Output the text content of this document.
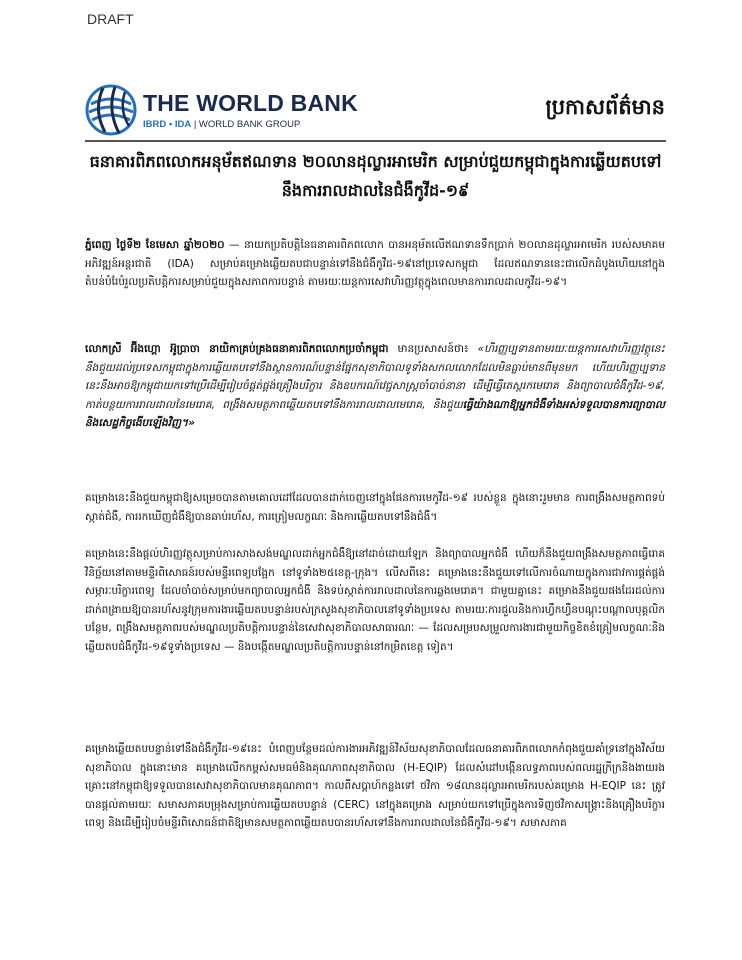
DRAFT
THE WORLD BANK
IBRD • IDA | WORLD BANK GROUP
ប្រកាសព័ត៌មាន
ធនាគារពិភពលោកអនុម័តឥណទាន ២០លានដុល្លារអាមេរិក សម្រាប់ជួយកម្ពុជាក្នុងការឆ្លើយតបទៅនឹងការរាលដាលនៃជំងឺកូវីដ-១៩

ភ្នំពេញ ថ្ងៃទី២ ខែមេសា ឆ្នាំ២០២០ — នាយកប្រតិបត្តិនៃធនាគារពិភពលោក បានអនុម័តលើឥណទានទឹកប្រាក់ ២០លានដុល្លារអាមេរិក របស់សមាគមអភិវឌ្ឍន៍អន្តរជាតិ (IDA) សម្រាប់គម្រោងឆ្លើយតបជាបន្ទាន់ទៅនឹងជំងឺកូវីដ-១៩នៅប្រទេសកម្ពុជា ដែលឥណទាននេះជាលើកដំបូងហើយនៅក្នុងតំបន់បំរែបំរួលប្រតិបត្តិការសម្រាប់ជួយក្នុងសភាពការបន្ទាន់ តាមរយៈយន្តការសេវាហិរញ្ញវត្ថុក្នុងពេលមានការរាលដាលកូវីដ-១៩។

លោកស្រី អ៊ីងហ្គោ អ៊ូប្រាចា នាយិកាគ្រប់គ្រងធនាគារពិភពលោកប្រចាំកម្ពុជា មានប្រសាសន៍ថា៖ «ហិរញ្ញប្បទានតាមរយៈយន្តការសេវាហិរញ្ញវត្ថុនេះ នឹងជួយដល់ប្រទេសកម្ពុជាក្នុងការឆ្លើយតបទៅនឹងស្ថានការណ៍បន្ទាន់ផ្នែកសុខាភិបាលទូទាំងសកលលោកដែលមិនធ្លាប់មានពីមុនមក ហើយហិរញ្ញប្បទាននេះនឹងអាចឱ្យកម្ពុជាយកទៅប្រើដើម្បីរៀបចំផ្គត់ផ្គង់គ្រឿងបរិក្ខារ និងឧបករណ៍វេជ្ជសាស្ត្រចាំបាច់នានា ដើម្បីធ្វើតេស្តរកមេរោគ និងព្យាបាលជំងឺកូវីដ-១៩, កាត់បន្ថយការរាលដាលនៃមេរោគ, ពង្រឹងសមត្ថភាពឆ្លើយតបទៅនឹងការរាលដាលមេរោគ, និងជួយធ្វើយ៉ាងណាឱ្យអ្នកជំងឺទាំងអស់ទទួលបានការព្យាបាល និងសេដ្ឋកិច្ចងើបឡើងវិញ។»

គម្រោងនេះនឹងជួយកម្ពុជាឱ្យសម្រេចបានតាមគោលដៅដែលបានដាក់ចេញនៅក្នុងផែនការមេកូវីដ-១៩ របស់ខ្លួន ក្នុងនោះរួមមាន ការពង្រឹងសមត្ថភាពទប់ស្កាត់ជំងឺ, ការរកឃើញជំងឺឱ្យបានឆាប់រហ័ស, ការត្រៀមលក្ខណៈ និងការឆ្លើយតបទៅនឹងជំងឺ។

គម្រោងនេះនឹងផ្តល់ហិរញ្ញវត្ថុសម្រាប់ការសាងសង់មណ្ឌលដាក់អ្នកជំងឺឱ្យនៅដាច់ដោយឡែក និងព្យាបាលអ្នកជំងឺ ហើយក៏នឹងជួយពង្រឹងសមត្ថភាពធ្វើរោគវិនិច្ឆ័យនៅតាមមន្ទីរពិសោធន៍របស់មន្ទីរពេទ្យបង្អែក នៅទូទាំង២៥ខេត្ត-ក្រុង។ លើសពីនេះ គម្រោងនេះនឹងជួយទៅលើការចំណាយក្នុងការជាវការផ្គត់ផ្គង់សម្ភារៈបរិក្ខារពេទ្យ ដែលចាំបាច់សម្រាប់មកព្យាបាលអ្នកជំងឺ និងទប់ស្កាត់ការរាលដាលនៃការឆ្លងមេរោគ។ ជាមួយគ្នានេះ គម្រោងនឹងជួយផងដែរដល់ការដាក់ពង្រាយឱ្យបានរហ័សនូវក្រុមការងារឆ្លើយតបបន្ទាន់របស់ក្រសួងសុខាភិបាលនៅទូទាំងប្រទេស តាមរយៈការជួលនិងការហ្វឹកហ្វឺនបណ្តុះបណ្តាលបុគ្គលិកបន្ថែម, ពង្រឹងសមត្ថភាពរបស់មណ្ឌលប្រតិបត្តិការបន្ទាន់នៃសេវាសុខាភិបាលសាធារណៈ — ដែលសម្របសម្រួលការងារជាមួយកិច្ចខិតខំត្រៀមលក្ខណៈនិងឆ្លើយតបជំងឺកូវីដ-១៩ទូទាំងប្រទេស — និងបង្កើតមណ្ឌលប្រតិបត្តិការបន្ទាន់នៅកម្រិតខេត្ត ទៀត។

គម្រោងឆ្លើយតបបន្ទាន់ទៅនឹងជំងឺកូវីដ-១៩នេះ បំពេញបន្ថែមដល់ការងារអភិវឌ្ឍន៍វិស័យសុខាភិបាលដែលធនាគារពិភពលោកកំពុងជួយគាំទ្រនៅក្នុងវិស័យសុខាភិបាល ក្នុងនោះមាន គម្រោងលើកកម្ពស់សមធម៌និងគុណភាពសុខាភិបាល (H-EQIP) ដែលសំដៅបង្កើនលទ្ធភាពរបស់ពលរដ្ឋក្រីក្រនិងងាយរងគ្រោះនៅកម្ពុជាឱ្យទទួលបានសេវាសុខាភិបាលមានគុណភាព។ កាលពីសប្តាហ៍កន្លងទៅ ថវិកា ១៨លានដុល្លារអាមេរិករបស់គម្រោង H-EQIP នេះ ត្រូវបានផ្តល់តាមរយៈ សមាសភាគបម្រុងសម្រាប់ការឆ្លើយតបបន្ទាន់ (CERC) នៅក្នុងគម្រោង សម្រាប់យកទៅប្រើក្នុងការទិញថវិកាសង្គ្រោះនិងគ្រឿងបរិក្ខារពេទ្យ និងដើម្បីរៀបចំមន្ទីរពិសោធន៍ជាតិឱ្យមានសមត្ថភាពឆ្លើយតបបានរហ័សទៅនឹងការរាលដាលនៃជំងឺកូវីដ-១៩។ សមាសភាគ
